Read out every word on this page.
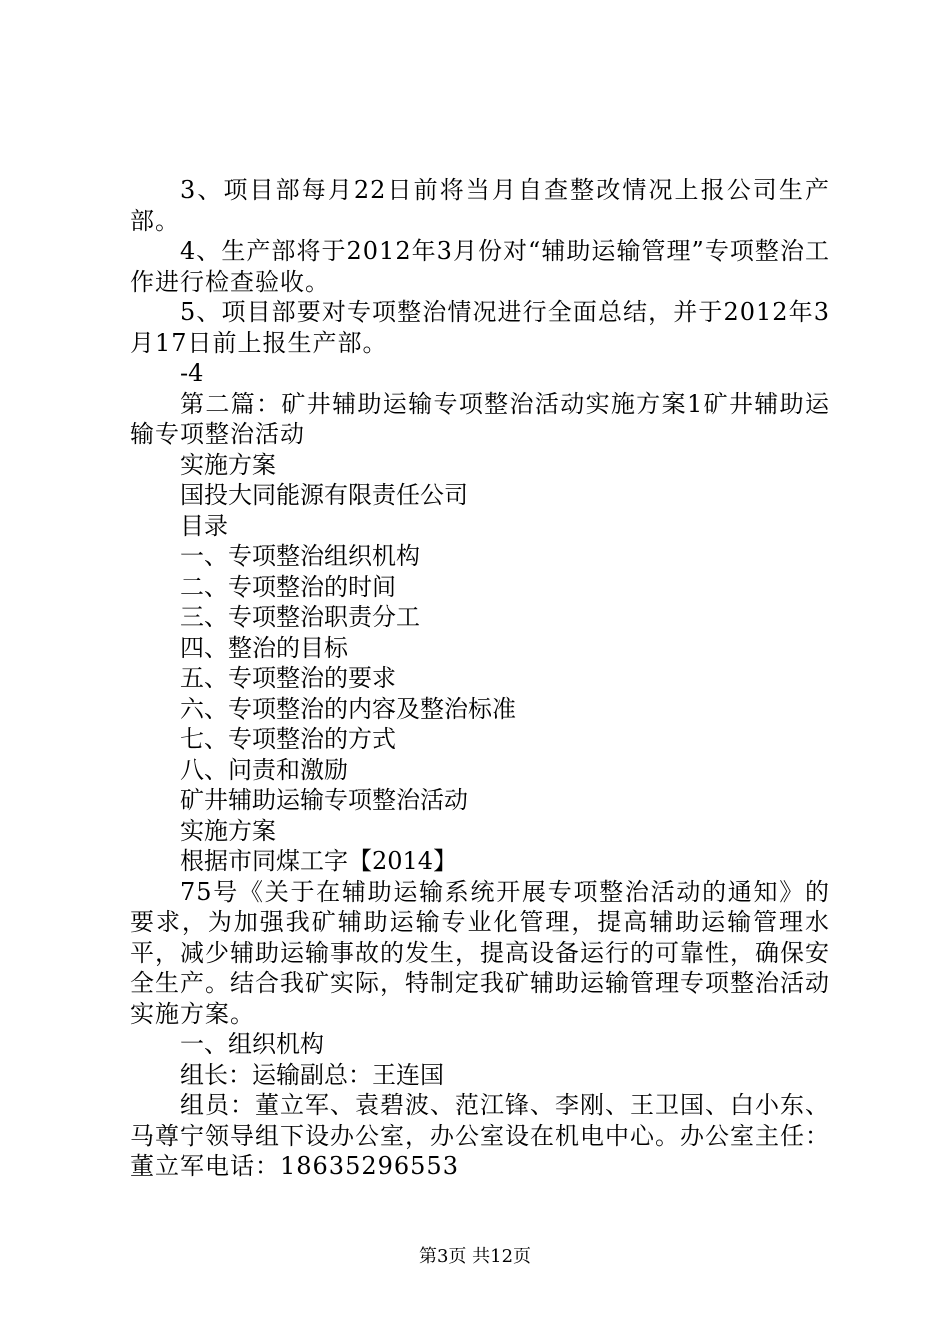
3、项目部每月22日前将当月自查整改情况上报公司生产部。

4、生产部将于2012年3月份对“辅助运输管理”专项整治工作进行检查验收。

5、项目部要对专项整治情况进行全面总结，并于2012年3月17日前上报生产部。

-4

第二篇：矿井辅助运输专项整治活动实施方案1矿井辅助运输专项整治活动

实施方案

国投大同能源有限责任公司

目录

一、专项整治组织机构

二、专项整治的时间

三、专项整治职责分工

四、整治的目标

五、专项整治的要求

六、专项整治的内容及整治标准

七、专项整治的方式

八、问责和激励

矿井辅助运输专项整治活动

实施方案

根据市同煤工字【2014】

75号《关于在辅助运输系统开展专项整治活动的通知》的要求，为加强我矿辅助运输专业化管理，提高辅助运输管理水平，减少辅助运输事故的发生，提高设备运行的可靠性，确保安全生产。结合我矿实际，特制定我矿辅助运输管理专项整治活动实施方案。

一、组织机构

组长：运输副总：王连国

组员：董立军、袁碧波、范江锋、李刚、王卫国、白小东、马尊宁领导组下设办公室，办公室设在机电中心。办公室主任：董立军电话：18635296553

第3页 共12页
